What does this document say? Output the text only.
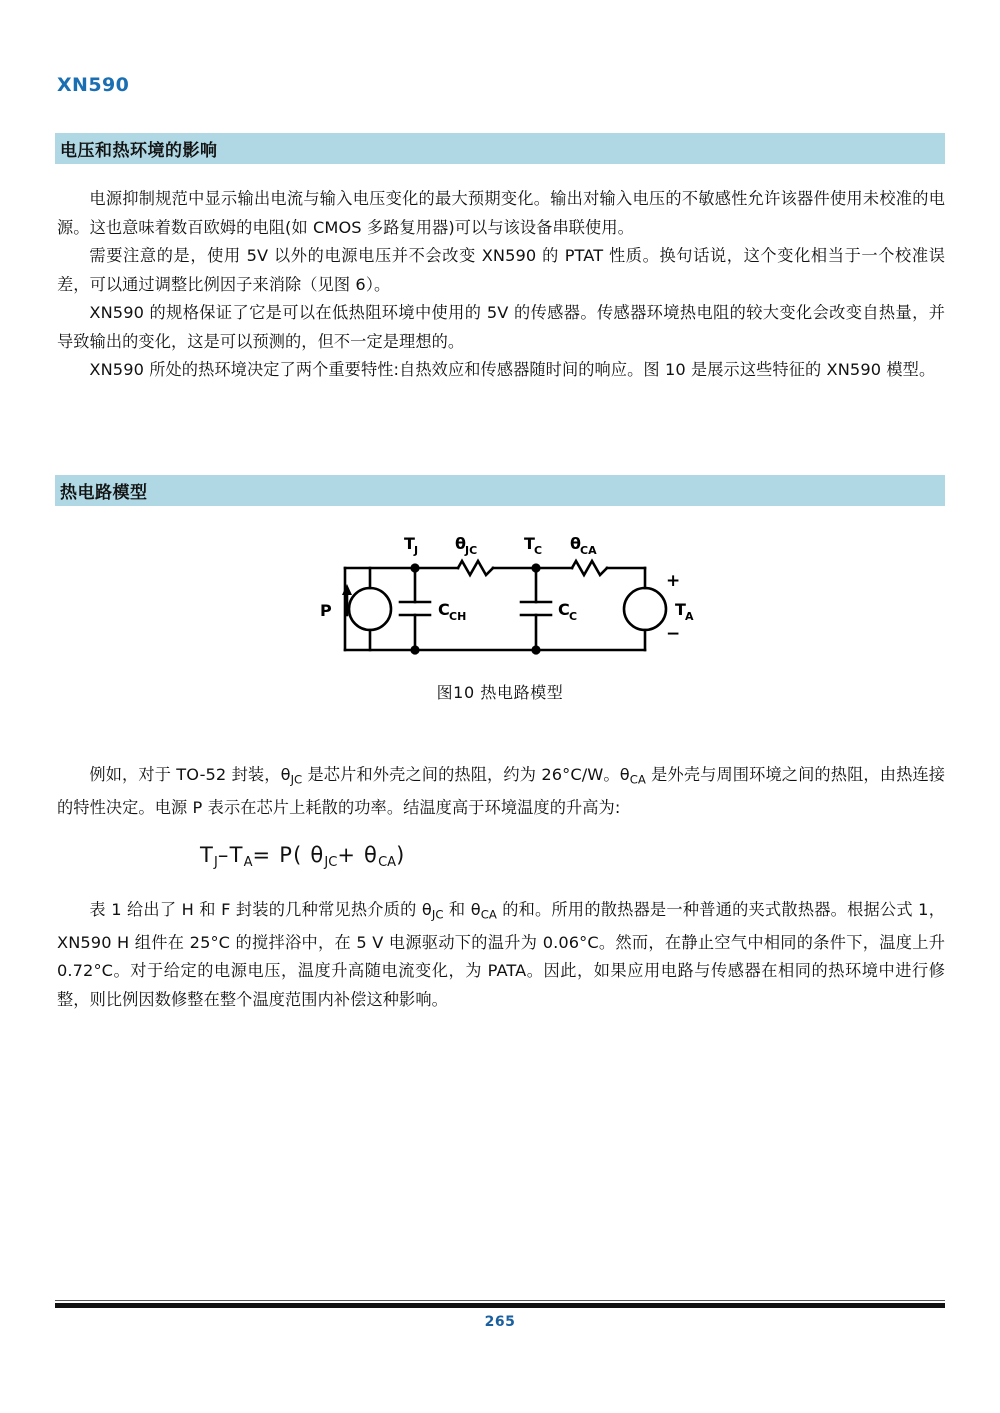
XN590
电压和热环境的影响

电源抑制规范中显示输出电流与输入电压变化的最大预期变化。输出对输入电压的不敏感性允许该器件使用未校准的电源。这也意味着数百欧姆的电阻(如 CMOS 多路复用器)可以与该设备串联使用。

需要注意的是，使用 5V 以外的电源电压并不会改变 XN590 的 PTAT 性质。换句话说，这个变化相当于一个校准误差，可以通过调整比例因子来消除（见图 6）。

XN590 的规格保证了它是可以在低热阻环境中使用的 5V 的传感器。传感器环境热电阻的较大变化会改变自热量，并导致输出的变化，这是可以预测的，但不一定是理想的。

XN590 所处的热环境决定了两个重要特性:自热效应和传感器随时间的响应。图 10 是展示这些特征的 XN590 模型。

热电路模型
P
T J θ JC	T C θ CA
C CH	C C	T A
+
−
图10 热电路模型

例如，对于 TO-52 封装，$\theta_{JC}$ 是芯片和外壳之间的热阻，约为 26°C/W。$\theta_{CA}$ 是外壳与周围环境之间的热阻，由热连接的特性决定。电源 P 表示在芯片上耗散的功率。结温度高于环境温度的升高为:

TJ–TA= P( θJC+ θCA)

表 1 给出了 H 和 F 封装的几种常见热介质的 $\theta_{JC}$ 和 $\theta_{CA}$ 的和。所用的散热器是一种普通的夹式散热器。根据公式 1，XN590 H 组件在 25°C 的搅拌浴中，在 5 V 电源驱动下的温升为 0.06°C。然而，在静止空气中相同的条件下，温度上升 0.72°C。对于给定的电源电压，温度升高随电流变化，为 PATA。因此，如果应用电路与传感器在相同的热环境中进行修整，则比例因数修整在整个温度范围内补偿这种影响。

265
